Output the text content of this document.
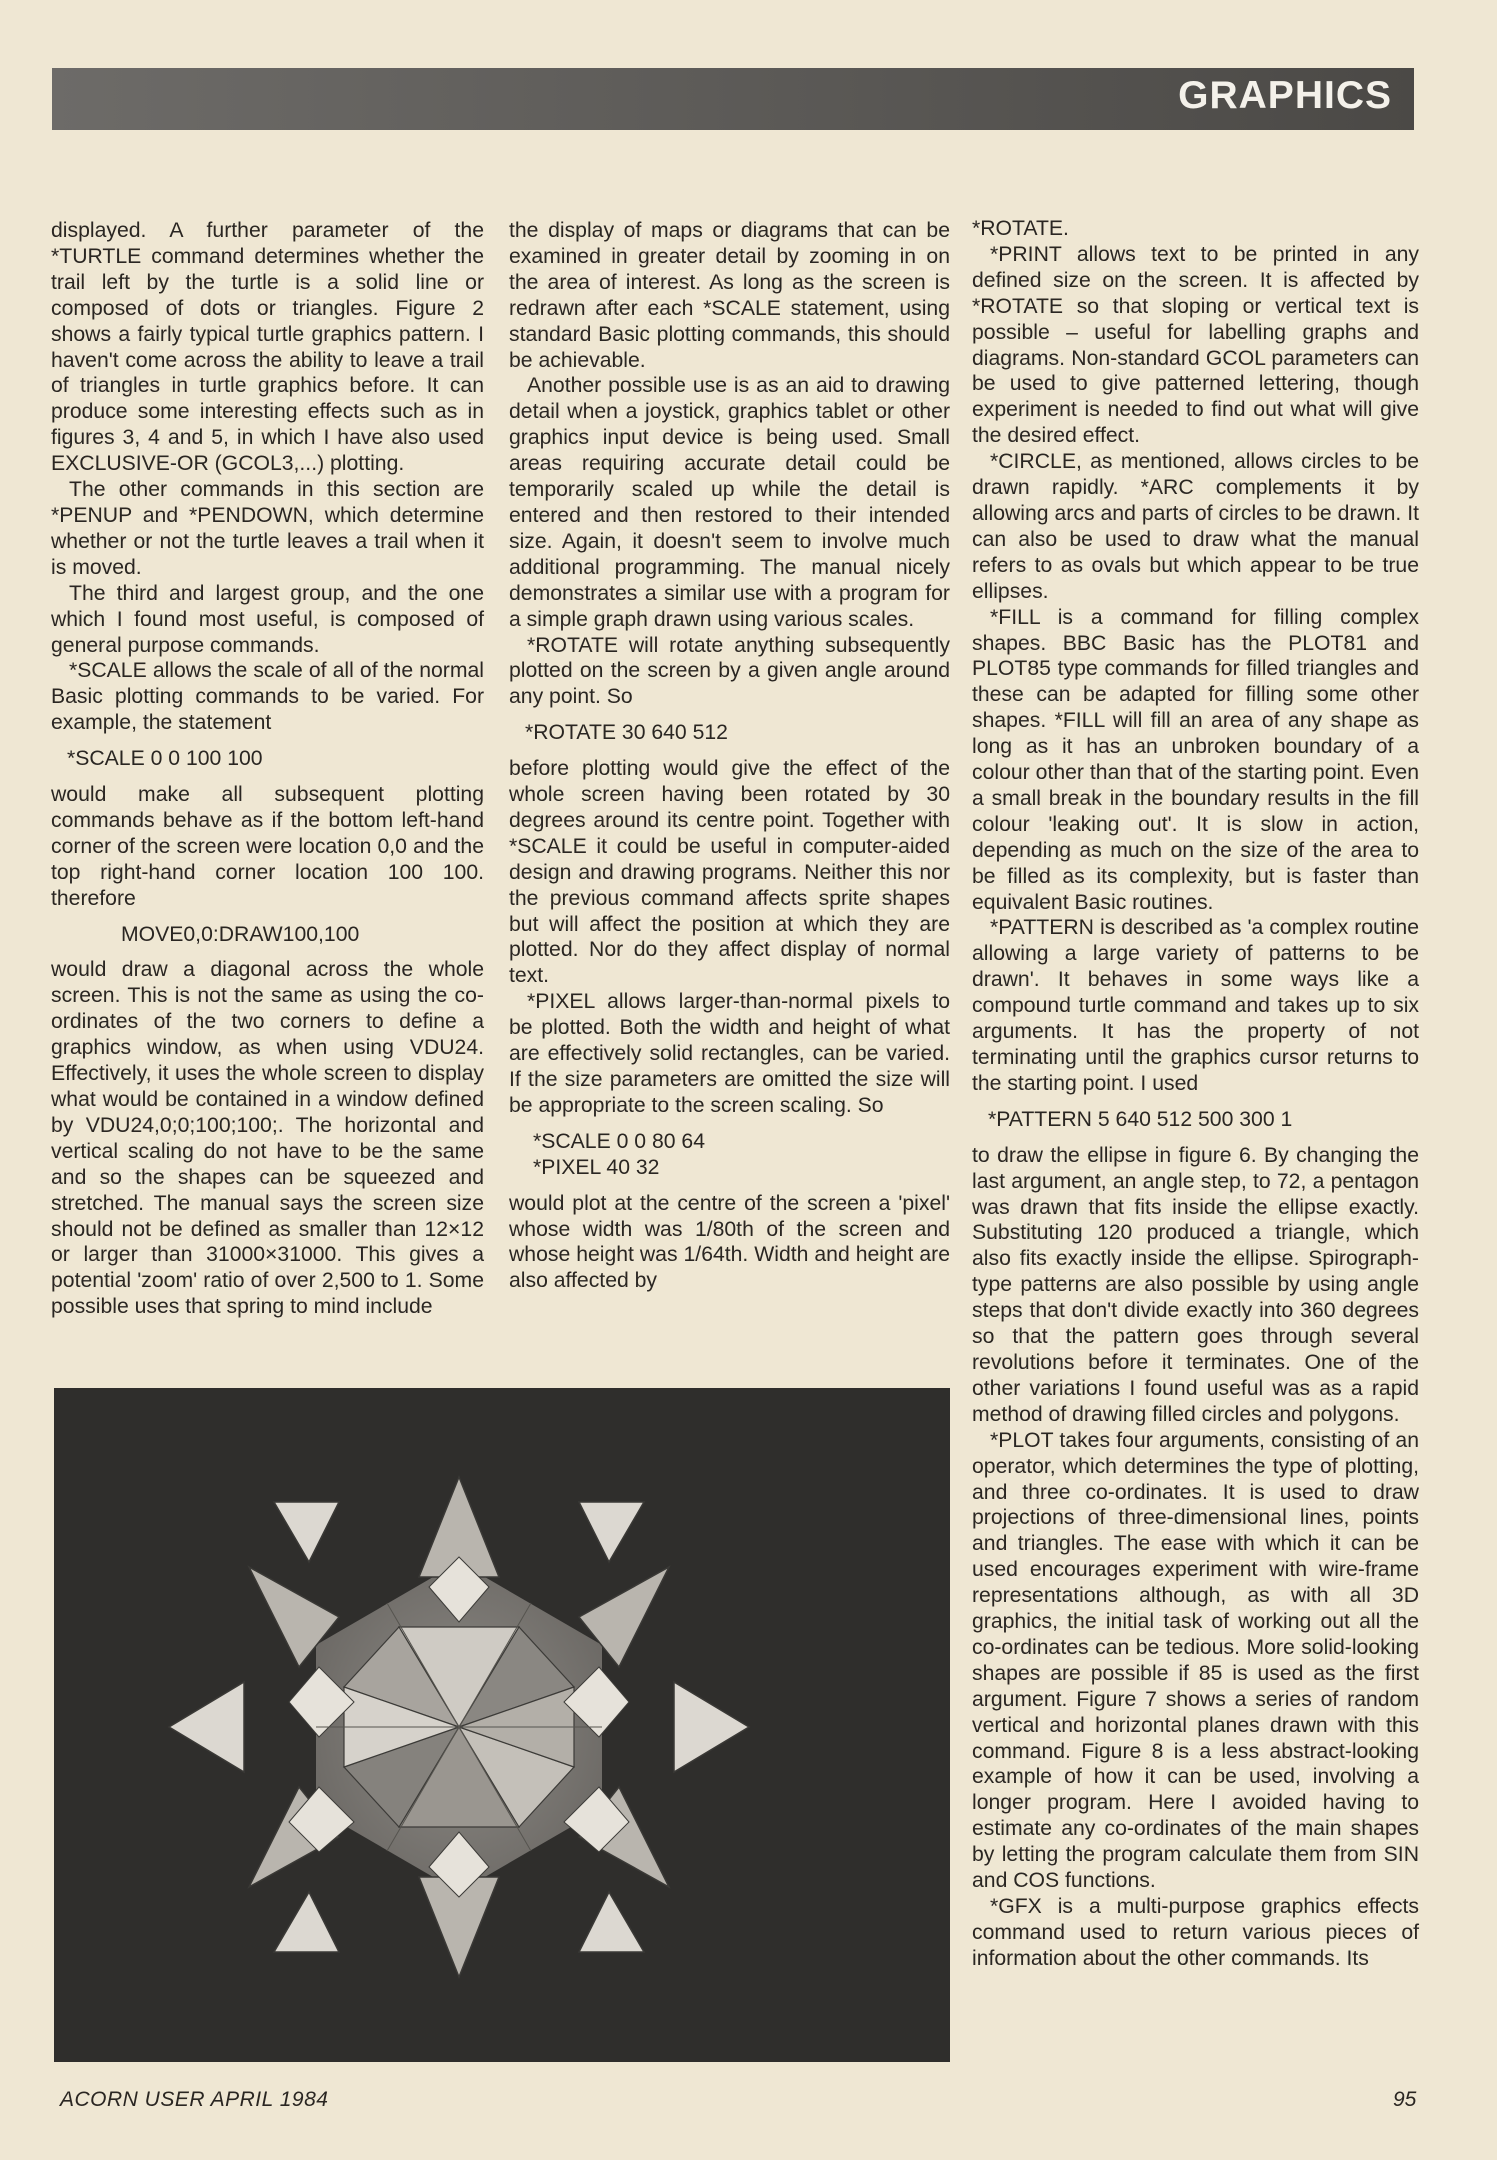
GRAPHICS

displayed. A further parameter of the *TURTLE command determines whether the trail left by the turtle is a solid line or composed of dots or triangles. Figure 2 shows a fairly typical turtle graphics pattern. I haven't come across the ability to leave a trail of triangles in turtle graphics before. It can produce some interesting effects such as in figures 3, 4 and 5, in which I have also used EXCLUSIVE-OR (GCOL3,...) plotting.

The other commands in this section are *PENUP and *PENDOWN, which determine whether or not the turtle leaves a trail when it is moved.

The third and largest group, and the one which I found most useful, is composed of general purpose commands.

*SCALE allows the scale of all of the normal Basic plotting commands to be varied. For example, the statement

*SCALE 0 0 100 100

would make all subsequent plotting commands behave as if the bottom left-hand corner of the screen were location 0,0 and the top right-hand corner location 100 100. therefore

MOVE0,0:DRAW100,100

would draw a diagonal across the whole screen. This is not the same as using the co-ordinates of the two corners to define a graphics window, as when using VDU24. Effectively, it uses the whole screen to display what would be contained in a window defined by VDU24,0;0;100;100;. The horizontal and vertical scaling do not have to be the same and so the shapes can be squeezed and stretched. The manual says the screen size should not be defined as smaller than 12×12 or larger than 31000×31000. This gives a potential 'zoom' ratio of over 2,500 to 1. Some possible uses that spring to mind include

the display of maps or diagrams that can be examined in greater detail by zooming in on the area of interest. As long as the screen is redrawn after each *SCALE statement, using standard Basic plotting commands, this should be achievable.

Another possible use is as an aid to drawing detail when a joystick, graphics tablet or other graphics input device is being used. Small areas requiring accurate detail could be temporarily scaled up while the detail is entered and then restored to their intended size. Again, it doesn't seem to involve much additional programming. The manual nicely demonstrates a similar use with a program for a simple graph drawn using various scales.

*ROTATE will rotate anything subsequently plotted on the screen by a given angle around any point. So

*ROTATE 30 640 512

before plotting would give the effect of the whole screen having been rotated by 30 degrees around its centre point. Together with *SCALE it could be useful in computer-aided design and drawing programs. Neither this nor the previous command affects sprite shapes but will affect the position at which they are plotted. Nor do they affect display of normal text.

*PIXEL allows larger-than-normal pixels to be plotted. Both the width and height of what are effectively solid rectangles, can be varied. If the size parameters are omitted the size will be appropriate to the screen scaling. So

*SCALE 0 0 80 64

*PIXEL 40 32

would plot at the centre of the screen a 'pixel' whose width was 1/80th of the screen and whose height was 1/64th. Width and height are also affected by

*ROTATE.

*PRINT allows text to be printed in any defined size on the screen. It is affected by *ROTATE so that sloping or vertical text is possible – useful for labelling graphs and diagrams. Non-standard GCOL parameters can be used to give patterned lettering, though experiment is needed to find out what will give the desired effect.

*CIRCLE, as mentioned, allows circles to be drawn rapidly. *ARC complements it by allowing arcs and parts of circles to be drawn. It can also be used to draw what the manual refers to as ovals but which appear to be true ellipses.

*FILL is a command for filling complex shapes. BBC Basic has the PLOT81 and PLOT85 type commands for filled triangles and these can be adapted for filling some other shapes. *FILL will fill an area of any shape as long as it has an unbroken boundary of a colour other than that of the starting point. Even a small break in the boundary results in the fill colour 'leaking out'. It is slow in action, depending as much on the size of the area to be filled as its complexity, but is faster than equivalent Basic routines.

*PATTERN is described as 'a complex routine allowing a large variety of patterns to be drawn'. It behaves in some ways like a compound turtle command and takes up to six arguments. It has the property of not terminating until the graphics cursor returns to the starting point. I used

*PATTERN 5 640 512 500 300 1

to draw the ellipse in figure 6. By changing the last argument, an angle step, to 72, a pentagon was drawn that fits inside the ellipse exactly. Substituting 120 produced a triangle, which also fits exactly inside the ellipse. Spirograph-type patterns are also possible by using angle steps that don't divide exactly into 360 degrees so that the pattern goes through several revolutions before it terminates. One of the other variations I found useful was as a rapid method of drawing filled circles and polygons.

*PLOT takes four arguments, consisting of an operator, which determines the type of plotting, and three co-ordinates. It is used to draw projections of three-dimensional lines, points and triangles. The ease with which it can be used encourages experiment with wire-frame representations although, as with all 3D graphics, the initial task of working out all the co-ordinates can be tedious. More solid-looking shapes are possible if 85 is used as the first argument. Figure 7 shows a series of random vertical and horizontal planes drawn with this command. Figure 8 is a less abstract-looking example of how it can be used, involving a longer program. Here I avoided having to estimate any co-ordinates of the main shapes by letting the program calculate them from SIN and COS functions.

*GFX is a multi-purpose graphics effects command used to return various pieces of information about the other commands. Its

ACORN USER APRIL 1984	95
